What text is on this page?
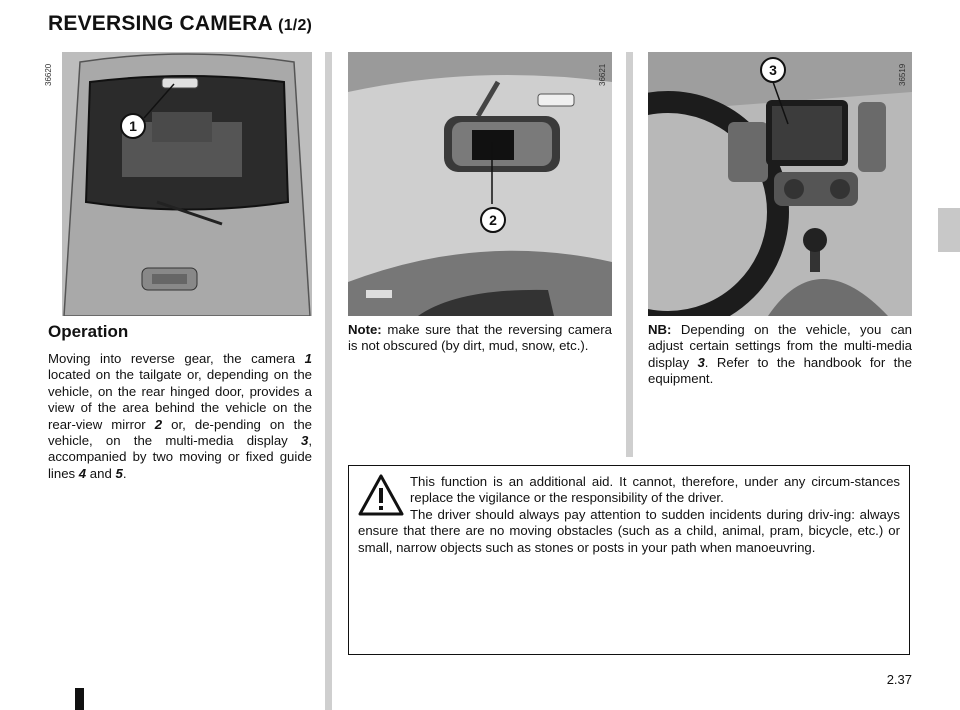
REVERSING CAMERA (1/2)
36620
1
36621
2
36519
3
Operation
Moving into reverse gear, the camera 1 located on the tailgate or, depending on the vehicle, on the rear hinged door, provides a view of the area behind the vehicle on the rear-view mirror 2 or, de-pending on the vehicle, on the multi-media display 3, accompanied by two moving or fixed guide lines 4 and 5.
Note: make sure that the reversing camera is not obscured (by dirt, mud, snow, etc.).
NB: Depending on the vehicle, you can adjust certain settings from the multi-media display 3. Refer to the handbook for the equipment.
This function is an additional aid. It cannot, therefore, under any circum-stances replace the vigilance or the responsibility of the driver.
The driver should always pay attention to sudden incidents during driv-ing: always ensure that there are no moving obstacles (such as a child, animal, pram, bicycle, etc.) or small, narrow objects such as stones or posts in your path when manoeuvring.
2.37
